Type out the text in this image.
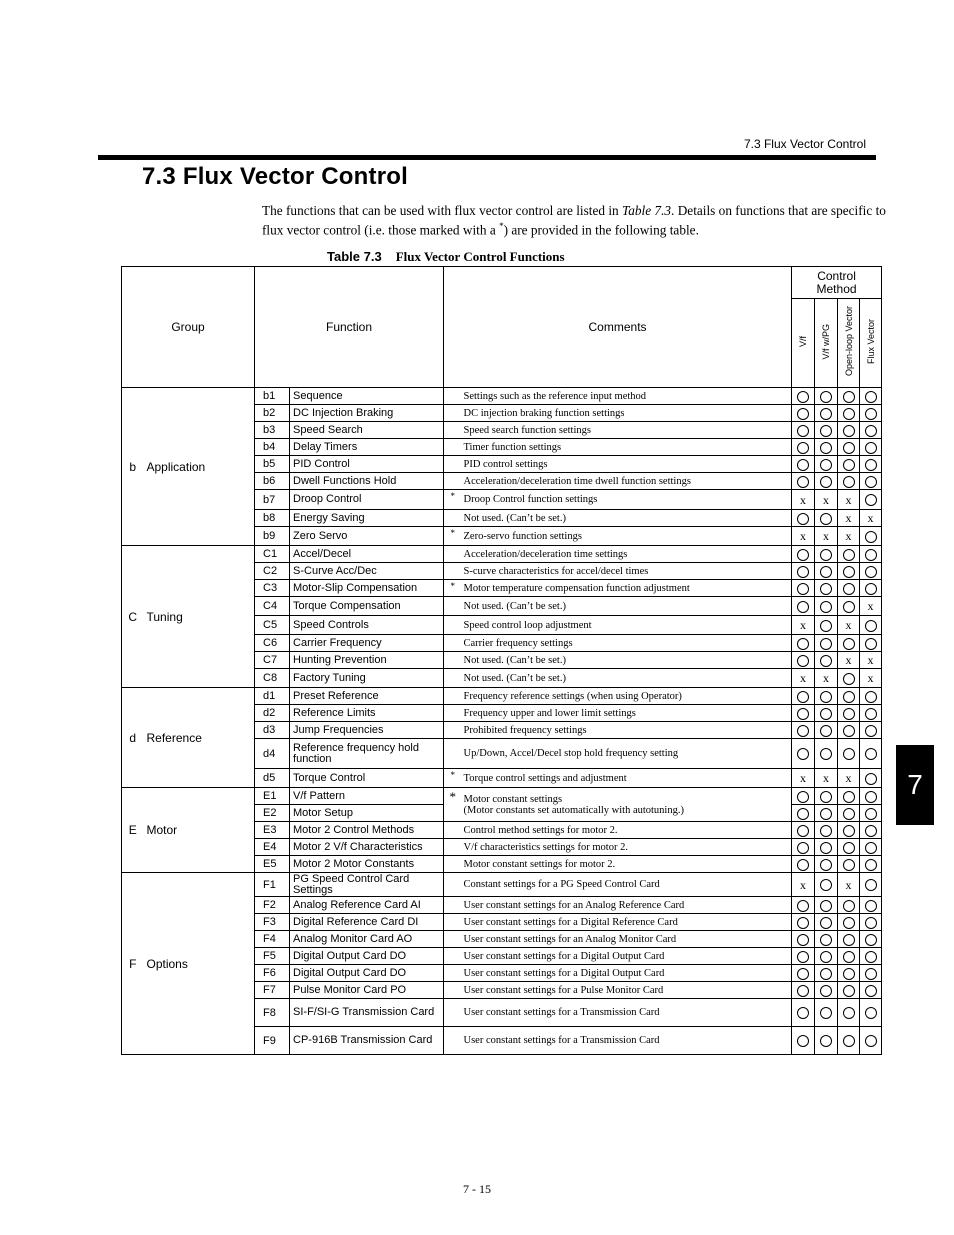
7.3 Flux Vector Control
7.3 Flux Vector Control
The functions that can be used with flux vector control are listed in Table 7.3. Details on functions that are specific to flux vector control (i.e. those marked with a *) are provided in the following table.
Table 7.3 Flux Vector Control Functions
Group		Function		Comments		Control Method			
						V/f	V/f w/PG	Open-loop Vector	Flux Vector
b	Application	b1	Sequence		Settings such as the reference input method				
		b2	DC Injection Braking		DC injection braking function settings				
		b3	Speed Search		Speed search function settings				
		b4	Delay Timers		Timer function settings				
		b5	PID Control		PID control settings				
		b6	Dwell Functions Hold		Acceleration/deceleration time dwell function settings				
		b7	Droop Control	*	Droop Control function settings	x	x	x	
		b8	Energy Saving		Not used. (Can’t be set.)			x	x
		b9	Zero Servo	*	Zero-servo function settings	x	x	x	
C	Tuning	C1	Accel/Decel		Acceleration/deceleration time settings				
		C2	S-Curve Acc/Dec		S-curve characteristics for accel/decel times				
		C3	Motor-Slip Compensation	*	Motor temperature compensation function adjustment				
		C4	Torque Compensation		Not used. (Can’t be set.)				x
		C5	Speed Controls		Speed control loop adjustment	x		x	
		C6	Carrier Frequency		Carrier frequency settings				
		C7	Hunting Prevention		Not used. (Can’t be set.)			x	x
		C8	Factory Tuning		Not used. (Can’t be set.)	x	x		x
d	Reference	d1	Preset Reference		Frequency reference settings (when using Operator)				
		d2	Reference Limits		Frequency upper and lower limit settings				
		d3	Jump Frequencies		Prohibited frequency settings				
		d4	Reference frequency hold function		Up/Down, Accel/Decel stop hold frequency setting				
		d5	Torque Control	*	Torque control settings and adjustment	x	x	x	
E	Motor	E1	V/f Pattern	*	Motor constant settings
(Motor constants set automatically with autotuning.)				

		E2	Motor Setup						
		E3	Motor 2 Control Methods		Control method settings for motor 2.				
		E4	Motor 2 V/f Characteristics		V/f characteristics settings for motor 2.				
		E5	Motor 2 Motor Constants		Motor constant settings for motor 2.				
F	Options	F1	PG Speed Control Card Settings		Constant settings for a PG Speed Control Card	x		x	
		F2	Analog Reference Card AI		User constant settings for an Analog Reference Card				
		F3	Digital Reference Card DI		User constant settings for a Digital Reference Card				
		F4	Analog Monitor Card AO		User constant settings for an Analog Monitor Card				
		F5	Digital Output Card DO		User constant settings for a Digital Output Card				
		F6	Digital Output Card DO		User constant settings for a Digital Output Card				
		F7	Pulse Monitor Card PO		User constant settings for a Pulse Monitor Card				
		F8	SI-F/SI-G Transmission Card		User constant settings for a Transmission Card				
		F9	CP-916B Transmission Card		User constant settings for a Transmission Card				
7
7 - 15
